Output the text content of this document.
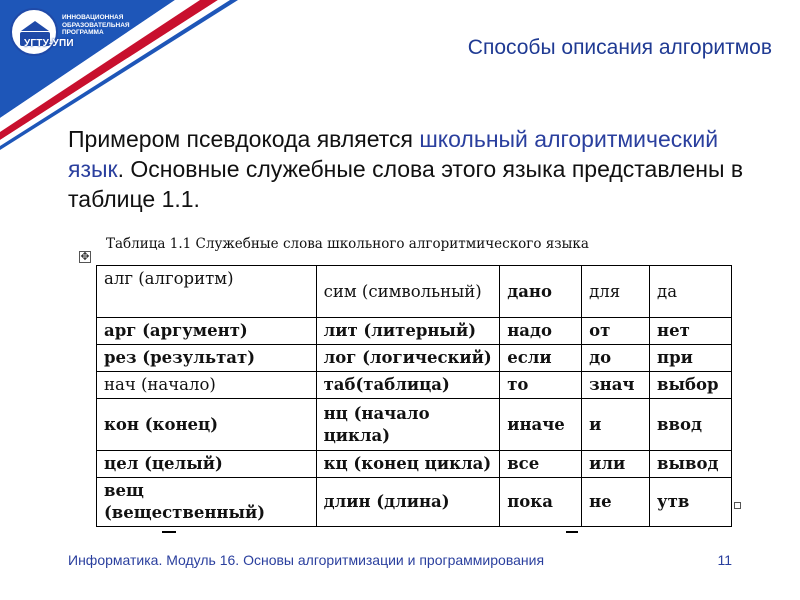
УГТУ-УПИ
ИННОВАЦИОННАЯ
ОБРАЗОВАТЕЛЬНАЯ
ПРОГРАММА
Способы описания алгоритмов
Примером псевдокода является школьный алгоритмический язык. Основные служебные слова этого языка представлены в таблице 1.1.
✥
Таблица 1.1 Служебные слова школьного алгоритмического языка
алг (алгоритм)	сим (символьный)	дано	для	да
арг (аргумент)	лит (литерный)	надо	от	нет
рез (результат)	лог (логический)	если	до	при
нач (начало)	таб(таблица)	то	знач	выбор
кон (конец)	нц (начало цикла)	иначе	и	ввод
цел (целый)	кц (конец цикла)	все	или	вывод
вещ (вещественный)	длин (длина)	пока	не	утв
Информатика. Модуль 16. Основы алгоритмизации и программирования	11
